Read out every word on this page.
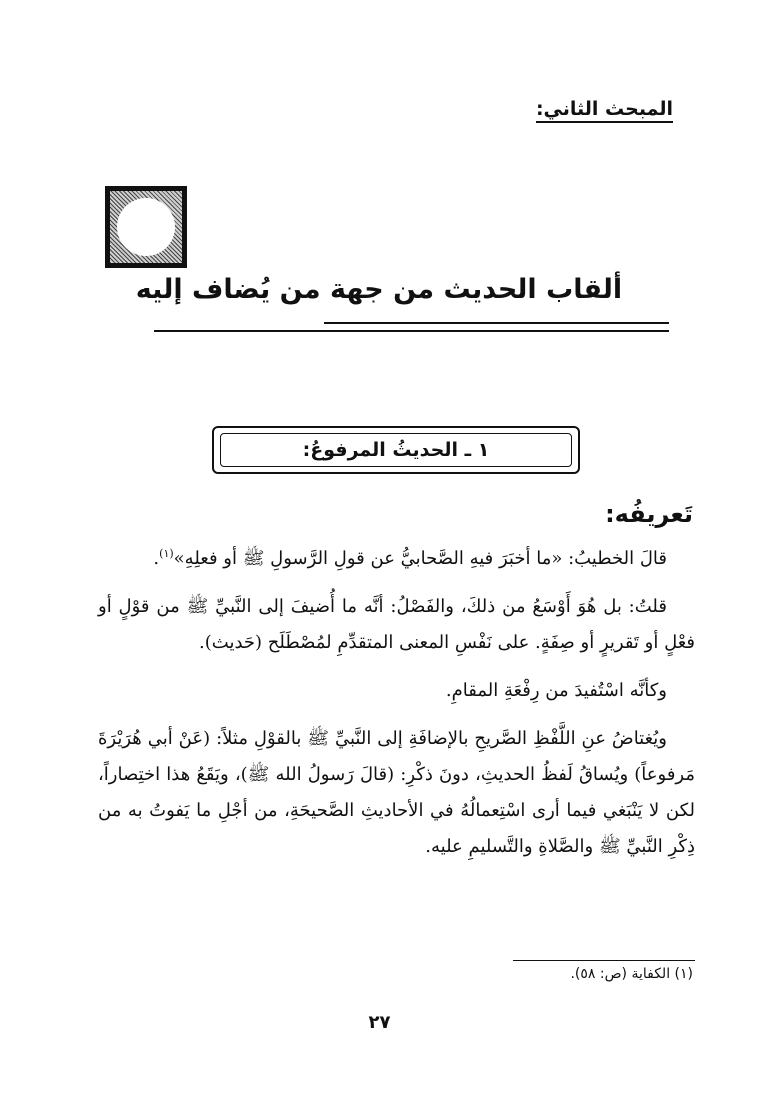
المبحث الثاني:
ألقاب الحديث من جهة من يُضاف إليه
١ ـ الحديثُ المرفوعُ:
تَعريفُه:

قالَ الخطيبُ: «ما أخبَرَ فيهِ الصَّحابيُّ عن قولِ الرَّسولِ ﷺ أو فعلِهِ»$^{(١)}$.

قلتُ: بل هُوَ أَوْسَعُ من ذلكَ، والفَصْلُ: أنَّه ما أُضيفَ إلى النَّبيِّ ﷺ من قوْلٍ أو فعْلٍ أو تَقريرٍ أو صِفَةٍ. على نَفْسِ المعنى المتقدِّمِ لمُصْطَلَح (حَديث).

وكأنَّه اسْتُفيدَ من رِفْعَةِ المقامِ.

ويُغتاضُ عنِ اللَّفْظِ الصَّريحِ بالإضافَةِ إلى النَّبيِّ ﷺ بالقوْلِ مثلاً: (عَنْ أبي هُرَيْرَةَ مَرفوعاً) ويُساقُ لَفظُ الحديثِ، دونَ ذكْرِ: (قالَ رَسولُ الله ﷺ)، ويَقَعُ هذا اختِصاراً، لكن لا يَنْبَغي فيما أرى اسْتِعمالُهُ في الأحاديثِ الصَّحيحَةِ، من أجْلِ ما يَفوتُ به من ذِكْرِ النَّبيِّ ﷺ والصَّلاةِ والتَّسليمِ عليه.

(١) الكفاية (ص: ٥٨).
٢٧
